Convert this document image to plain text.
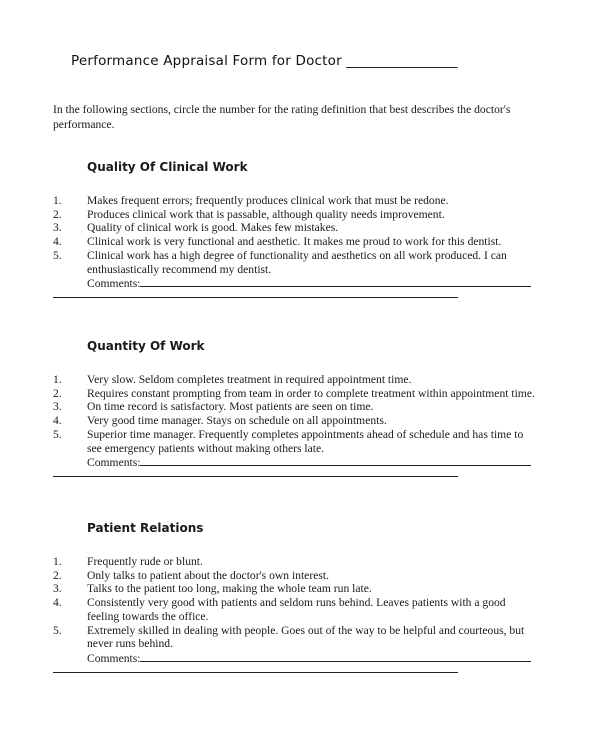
Performance Appraisal Form for Doctor ________________
In the following sections, circle the number for the rating definition that best describes the doctor's performance.
Quality Of Clinical Work
1. Makes frequent errors; frequently produces clinical work that must be redone.
2. Produces clinical work that is passable, although quality needs improvement.
3. Quality of clinical work is good. Makes few mistakes.
4. Clinical work is very functional and aesthetic. It makes me proud to work for this dentist.
5. Clinical work has a high degree of functionality and aesthetics on all work produced. I can
enthusiastically recommend my dentist.
Comments:
Quantity Of Work
1. Very slow. Seldom completes treatment in required appointment time.
2. Requires constant prompting from team in order to complete treatment within appointment time.
3. On time record is satisfactory. Most patients are seen on time.
4. Very good time manager. Stays on schedule on all appointments.
5. Superior time manager. Frequently completes appointments ahead of schedule and has time to
see emergency patients without making others late.
Comments:
Patient Relations
1. Frequently rude or blunt.
2. Only talks to patient about the doctor's own interest.
3. Talks to the patient too long, making the whole team run late.
4. Consistently very good with patients and seldom runs behind. Leaves patients with a good
feeling towards the office.
5. Extremely skilled in dealing with people. Goes out of the way to be helpful and courteous, but
never runs behind.
Comments:
